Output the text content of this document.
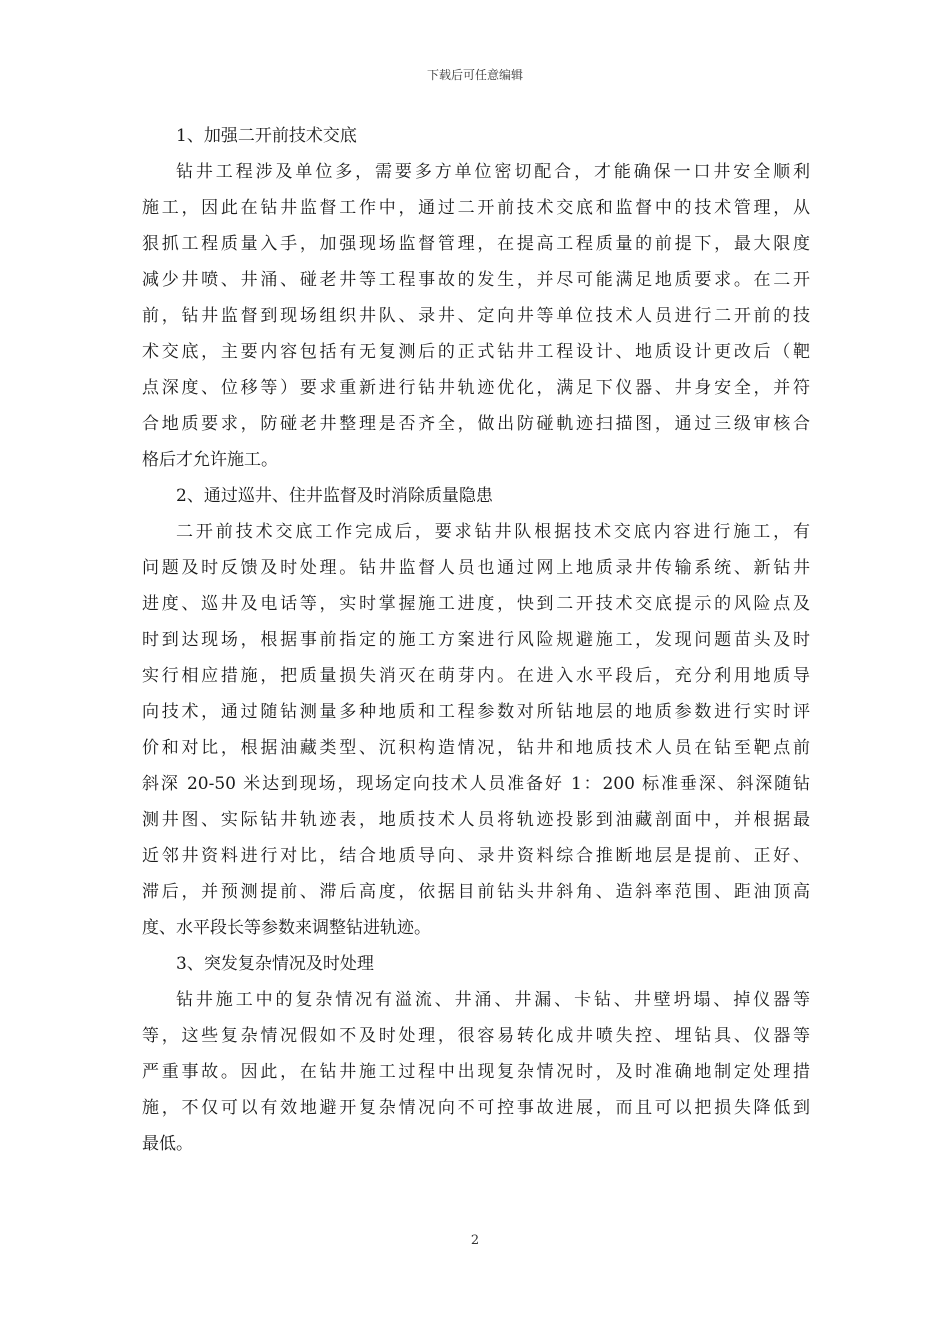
下载后可任意编辑
1、加强二开前技术交底
钻井工程涉及单位多，需要多方单位密切配合，才能确保一口井安全顺利
施工，因此在钻井监督工作中，通过二开前技术交底和监督中的技术管理，从
狠抓工程质量入手，加强现场监督管理，在提高工程质量的前提下，最大限度
减少井喷、井涌、碰老井等工程事故的发生，并尽可能满足地质要求。在二开
前，钻井监督到现场组织井队、录井、定向井等单位技术人员进行二开前的技
术交底，主要内容包括有无复测后的正式钻井工程设计、地质设计更改后（靶
点深度、位移等）要求重新进行钻井轨迹优化，满足下仪器、井身安全，并符
合地质要求，防碰老井整理是否齐全，做出防碰軌迹扫描图，通过三级审核合
格后才允许施工。
2、通过巡井、住井监督及时消除质量隐患
二开前技术交底工作完成后，要求钻井队根据技术交底内容进行施工，有
问题及时反馈及时处理。钻井监督人员也通过网上地质录井传输系统、新钻井
进度、巡井及电话等，实时掌握施工进度，快到二开技术交底提示的风险点及
时到达现场，根据事前指定的施工方案进行风险规避施工，发现问题苗头及时
实行相应措施，把质量损失消灭在萌芽内。在进入水平段后，充分利用地质导
向技术，通过随钻测量多种地质和工程参数对所钻地层的地质参数进行实时评
价和对比，根据油藏类型、沉积构造情况，钻井和地质技术人员在钻至靶点前
斜深 20-50 米达到现场，现场定向技术人员准备好 1：200 标准垂深、斜深随钻
测井图、实际钻井轨迹表，地质技术人员将轨迹投影到油藏剖面中，并根据最
近邻井资料进行对比，结合地质导向、录井资料综合推断地层是提前、正好、
滞后，并预测提前、滞后高度，依据目前钻头井斜角、造斜率范围、距油顶高
度、水平段长等参数来调整钻进轨迹。
3、突发复杂情况及时处理
钻井施工中的复杂情况有溢流、井涌、井漏、卡钻、井壁坍塌、掉仪器等
等，这些复杂情况假如不及时处理，很容易转化成井喷失控、埋钻具、仪器等
严重事故。因此，在钻井施工过程中出现复杂情况时，及时准确地制定处理措
施，不仅可以有效地避开复杂情况向不可控事故进展，而且可以把损失降低到
最低。
2
